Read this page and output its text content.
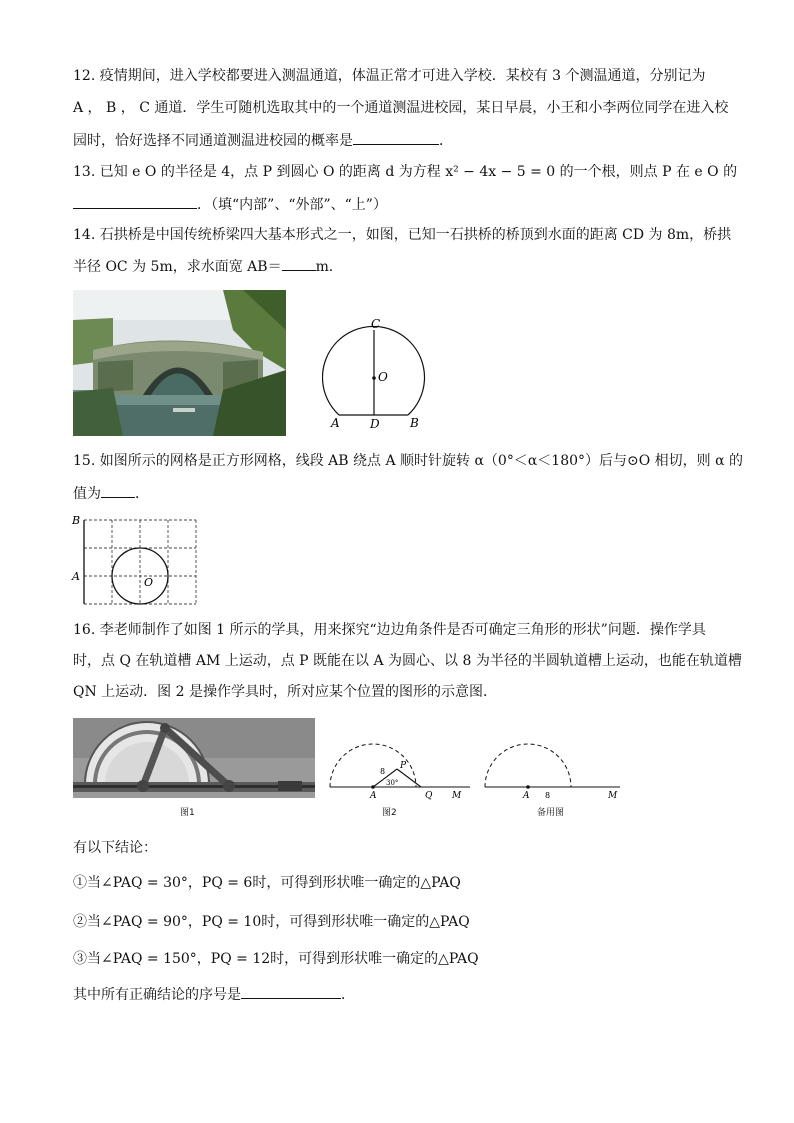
12. 疫情期间，进入学校都要进入测温通道，体温正常才可进入学校．某校有 3 个测温通道，分别记为
A ， B ， C 通道．学生可随机选取其中的一个通道测温进校园，某日早晨，小王和小李两位同学在进入校
园时，恰好选择不同通道测温进校园的概率是	．
13. 已知 e O 的半径是 4，点 P 到圆心 O 的距离 d 为方程 x² − 4x − 5 = 0 的一个根，则点 P 在 e O 的
．（填“内部”、“外部”、“上”）
14. 石拱桥是中国传统桥梁四大基本形式之一，如图，已知一石拱桥的桥顶到水面的距离 CD 为 8m，桥拱
半径 OC 为 5m，求水面宽 AB＝ m．
C
O
A	D	B
15. 如图所示的网格是正方形网格，线段 AB 绕点 A 顺时针旋转 α（0°＜α＜180°）后与⊙O 相切，则 α 的
值为 ．
B
A	O
16. 李老师制作了如图 1 所示的学具，用来探究“边边角条件是否可确定三角形的形状”问题．操作学具
时，点 Q 在轨道槽 AM 上运动，点 P 既能在以 A 为圆心、以 8 为半径的半圆轨道槽上运动，也能在轨道槽
QN 上运动．图 2 是操作学具时，所对应某个位置的图形的示意图．
图1
8
30°
P
A	Q M
图2
A 8	M
备用图
有以下结论：
①当∠PAQ = 30°，PQ = 6时，可得到形状唯一确定的△PAQ
②当∠PAQ = 90°，PQ = 10时，可得到形状唯一确定的△PAQ
③当∠PAQ = 150°，PQ = 12时，可得到形状唯一确定的△PAQ
其中所有正确结论的序号是	．
